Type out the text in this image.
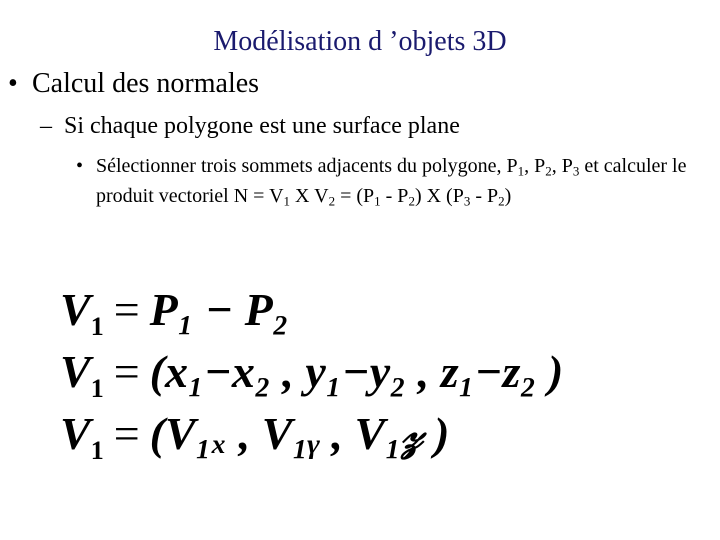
Modélisation d ’objets 3D
• Calcul des normales
– Si chaque polygone est une surface plane
• Sélectionner trois sommets adjacents du polygone, $P_1$, $P_2$, $P_3$ et calculer le produit vectoriel $N = V_1$ X $V_2 = (P_1 - P_2)$ X $(P_3 - P_2)$
$V_1 = P_1 - P_2$
$V_1 = (x_1-x_2$ , y₁−y₂ , z₁−z₂ )
$V_1 = (V_{1x}$ , V₁ᵧ , V₁𝓏 )
